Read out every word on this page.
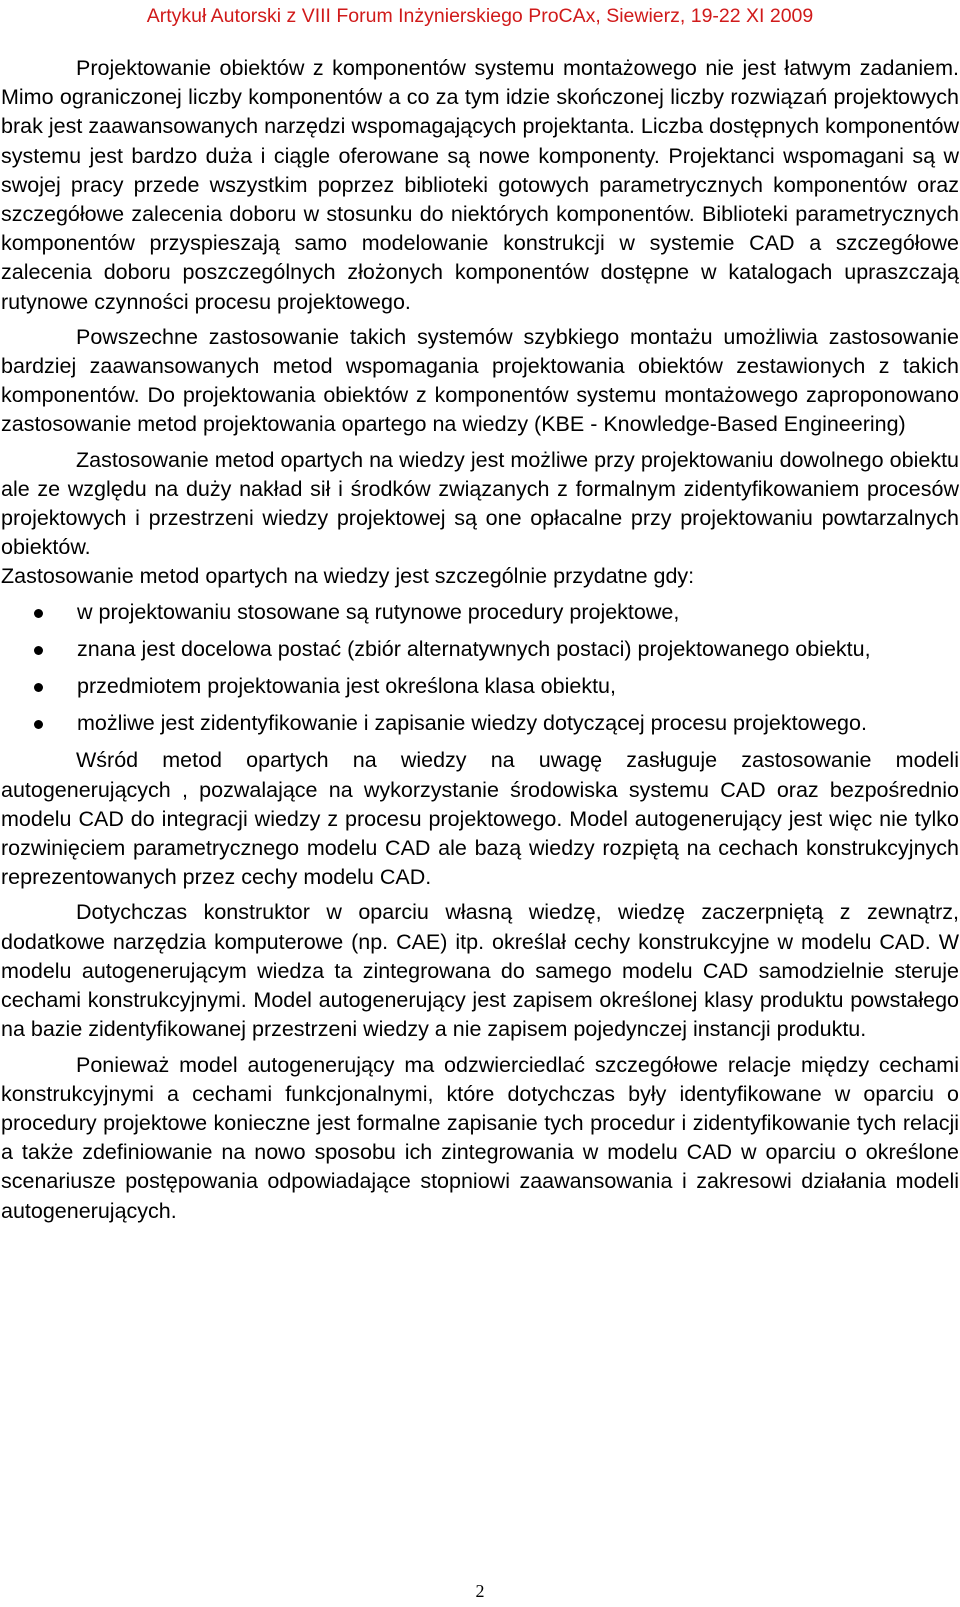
Artykuł Autorski z VIII Forum Inżynierskiego ProCAx, Siewierz, 19-22 XI 2009

Projektowanie obiektów z komponentów systemu montażowego nie jest łatwym zadaniem. Mimo ograniczonej liczby komponentów a co za tym idzie skończonej liczby rozwiązań projektowych brak jest zaawansowanych narzędzi wspomagających projektanta. Liczba dostępnych komponentów systemu jest bardzo duża i ciągle oferowane są nowe komponenty. Projektanci wspomagani są w swojej pracy przede wszystkim poprzez biblioteki gotowych parametrycznych komponentów oraz szczegółowe zalecenia doboru w stosunku do niektórych komponentów. Biblioteki parametrycznych komponentów przyspieszają samo modelowanie konstrukcji w systemie CAD a szczegółowe zalecenia doboru poszczególnych złożonych komponentów dostępne w katalogach upraszczają rutynowe czynności procesu projektowego.

Powszechne zastosowanie takich systemów szybkiego montażu umożliwia zastosowanie bardziej zaawansowanych metod wspomagania projektowania obiektów zestawionych z takich komponentów. Do projektowania obiektów z komponentów systemu montażowego zaproponowano zastosowanie metod projektowania opartego na wiedzy (KBE - Knowledge-Based Engineering)

Zastosowanie metod opartych na wiedzy jest możliwe przy projektowaniu dowolnego obiektu ale ze względu na duży nakład sił i środków związanych z formalnym zidentyfikowaniem procesów projektowych i przestrzeni wiedzy projektowej są one opłacalne przy projektowaniu powtarzalnych obiektów.

Zastosowanie metod opartych na wiedzy jest szczególnie przydatne gdy:

w projektowaniu stosowane są rutynowe procedury projektowe,
znana jest docelowa postać (zbiór alternatywnych postaci) projektowanego obiektu,
przedmiotem projektowania jest określona klasa obiektu,
możliwe jest zidentyfikowanie i zapisanie wiedzy dotyczącej procesu projektowego.

Wśród metod opartych na wiedzy na uwagę zasługuje zastosowanie modeli autogenerujących , pozwalające na wykorzystanie środowiska systemu CAD oraz bezpośrednio modelu CAD do integracji wiedzy z procesu projektowego. Model autogenerujący jest więc nie tylko rozwinięciem parametrycznego modelu CAD ale bazą wiedzy rozpiętą na cechach konstrukcyjnych reprezentowanych przez cechy modelu CAD.

Dotychczas konstruktor w oparciu własną wiedzę, wiedzę zaczerpniętą z zewnątrz, dodatkowe narzędzia komputerowe (np. CAE) itp. określał cechy konstrukcyjne w modelu CAD. W modelu autogenerującym wiedza ta zintegrowana do samego modelu CAD samodzielnie steruje cechami konstrukcyjnymi. Model autogenerujący jest zapisem określonej klasy produktu powstałego na bazie zidentyfikowanej przestrzeni wiedzy a nie zapisem pojedynczej instancji produktu.

Ponieważ model autogenerujący ma odzwierciedlać szczegółowe relacje między cechami konstrukcyjnymi a cechami funkcjonalnymi, które dotychczas były identyfikowane w oparciu o procedury projektowe konieczne jest formalne zapisanie tych procedur i zidentyfikowanie tych relacji a także zdefiniowanie na nowo sposobu ich zintegrowania w modelu CAD w oparciu o określone scenariusze postępowania odpowiadające stopniowi zaawansowania i zakresowi działania modeli autogenerujących.

2
